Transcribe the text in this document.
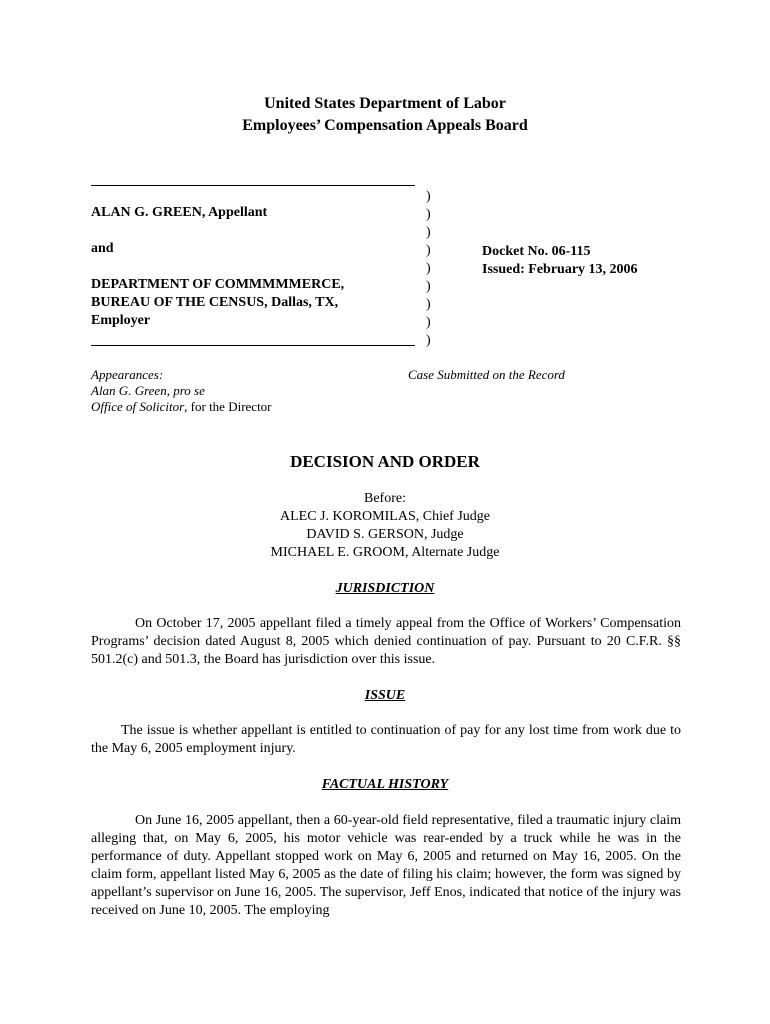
United States Department of Labor
Employees’ Compensation Appeals Board

ALAN G. GREEN, Appellant

and

DEPARTMENT OF COMMMMMERCE,

BUREAU OF THE CENSUS, Dallas, TX,

Employer

)
)
)
)
)
)
)
)
)
Docket No. 06-115
Issued: February 13, 2006
Appearances:
Alan G. Green, pro se
Office of Solicitor, for the Director
Case Submitted on the Record
DECISION AND ORDER
Before:
ALEC J. KOROMILAS, Chief Judge
DAVID S. GERSON, Judge
MICHAEL E. GROOM, Alternate Judge
JURISDICTION

On October 17, 2005 appellant filed a timely appeal from the Office of Workers’ Compensation Programs’ decision dated August 8, 2005 which denied continuation of pay. Pursuant to 20 C.F.R. §§ 501.2(c) and 501.3, the Board has jurisdiction over this issue.

ISSUE

The issue is whether appellant is entitled to continuation of pay for any lost time from work due to the May 6, 2005 employment injury.

FACTUAL HISTORY

On June 16, 2005 appellant, then a 60-year-old field representative, filed a traumatic injury claim alleging that, on May 6, 2005, his motor vehicle was rear-ended by a truck while he was in the performance of duty. Appellant stopped work on May 6, 2005 and returned on May 16, 2005. On the claim form, appellant listed May 6, 2005 as the date of filing his claim; however, the form was signed by appellant’s supervisor on June 16, 2005. The supervisor, Jeff Enos, indicated that notice of the injury was received on June 10, 2005. The employing
